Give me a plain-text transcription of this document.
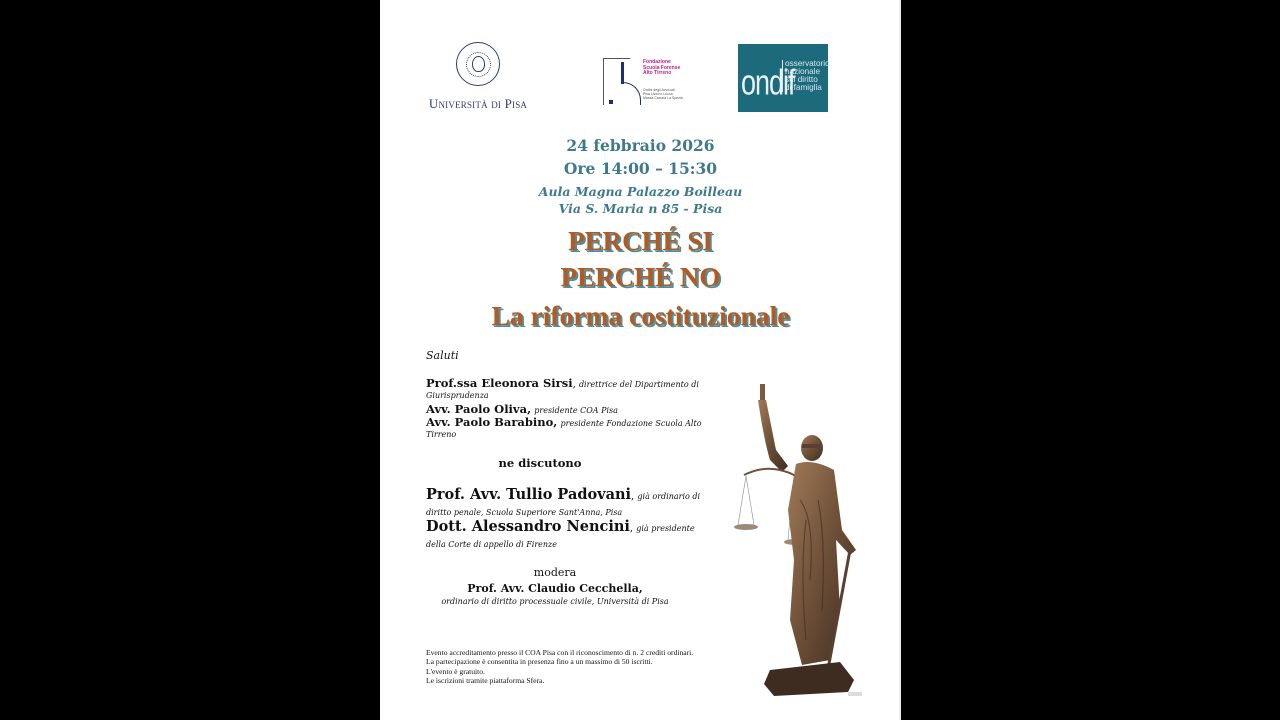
Università di Pisa
Fondazione
Scuola Forense
Alto Tirreno
Ordini degli Avvocati
Pisa Livorno Lucca
Massa Carrara La Spezia ondif
osservatorio
nazionale
sul diritto
di famiglia
24 febbraio 2026
Ore 14:00 – 15:30
Aula Magna Palazzo Boilleau
Via S. Maria n 85 - Pisa
PERCHÉ SI
PERCHÉ NO
La riforma costituzionale
Saluti
Prof.ssa Eleonora Sirsi, direttrice del Dipartimento di Giurisprudenza
Avv. Paolo Oliva, presidente COA Pisa
Avv. Paolo Barabino, presidente Fondazione Scuola Alto Tirreno
ne discutono
Prof. Avv. Tullio Padovani, già ordinario di diritto penale, Scuola Superiore Sant'Anna, Pisa
Dott. Alessandro Nencini, già presidente della Corte di appello di Firenze
modera
Prof. Avv. Claudio Cecchella,
ordinario di diritto processuale civile, Università di Pisa
Evento accreditamento presso il COA Pisa con il riconoscimento di n. 2 crediti ordinari.
La partecipazione è consentita in presenza fino a un massimo di 50 iscritti.
L'evento è gratuito.
Le iscrizioni tramite piattaforma Sfera.
